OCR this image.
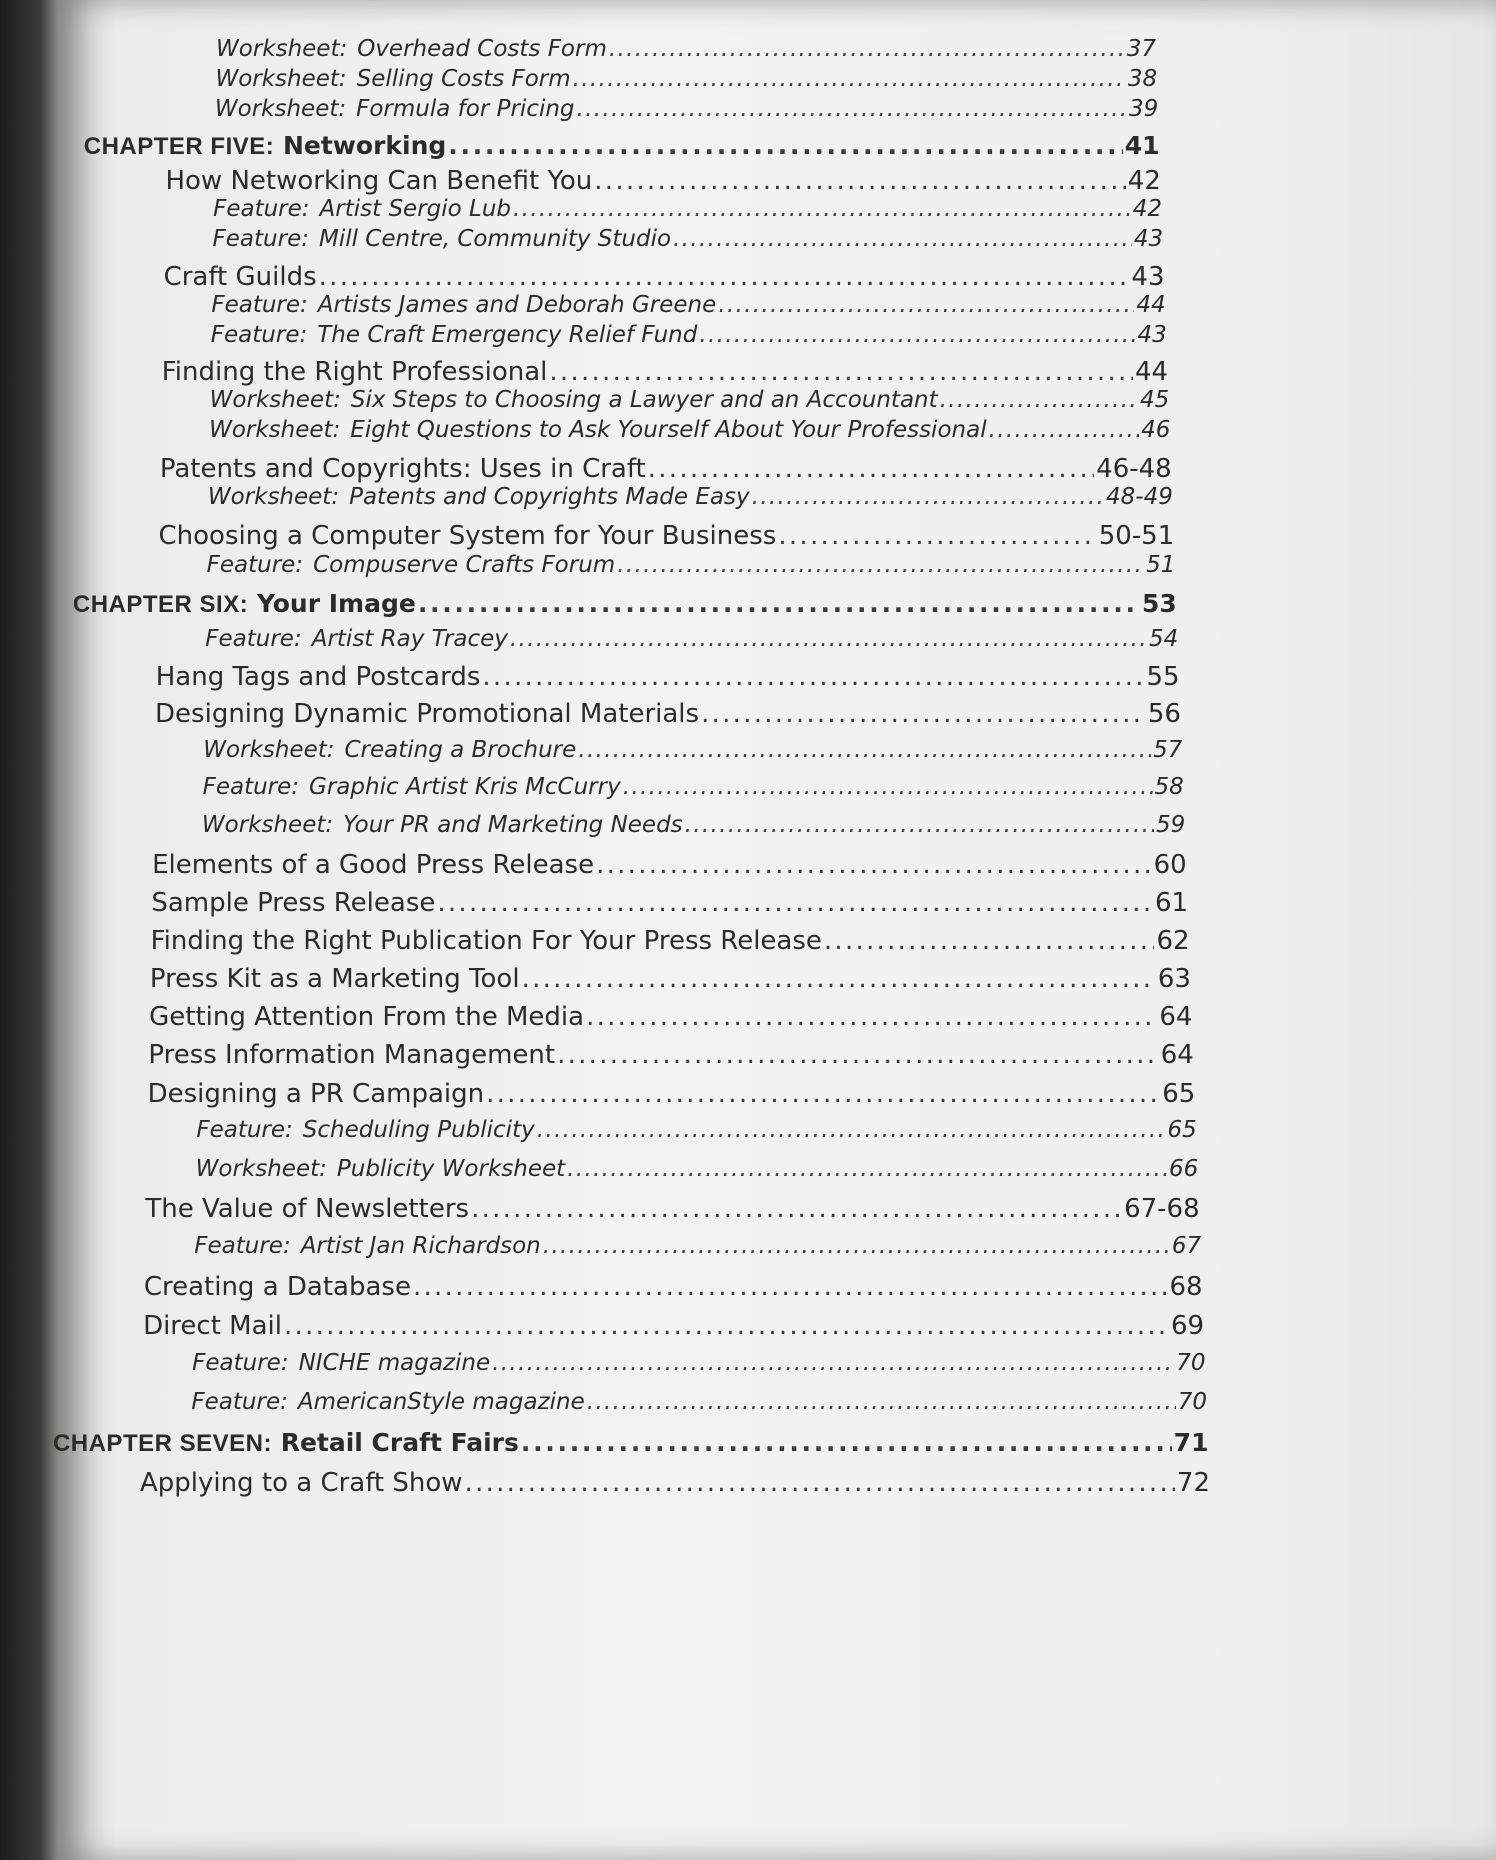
Worksheet: Overhead Costs Form . . .	37
Worksheet: Selling Costs Form . . .	38
Worksheet: Formula for Pricing . . .	39
CHAPTER FIVE: Networking . . .	41
How Networking Can Benefit You . . .	42
Feature: Artist Sergio Lub . . .	42
Feature: Mill Centre, Community Studio . . .	43
Craft Guilds . . .	43
Feature: Artists James and Deborah Greene . . .	44
Feature: The Craft Emergency Relief Fund . . .	43
Finding the Right Professional . . .	44
Worksheet: Six Steps to Choosing a Lawyer and an Accountant . . .	45
Worksheet: Eight Questions to Ask Yourself About Your Professional . . .	46
Patents and Copyrights: Uses in Craft . . .	46-48
Worksheet: Patents and Copyrights Made Easy . . .	48-49
Choosing a Computer System for Your Business . . .	50-51
Feature: Compuserve Crafts Forum . . .	51
CHAPTER SIX: Your Image . . .	53
Feature: Artist Ray Tracey . . .	54
Hang Tags and Postcards . . .	55
Designing Dynamic Promotional Materials . . .	56
Worksheet: Creating a Brochure . . .	57
Feature: Graphic Artist Kris McCurry . . .	58
Worksheet: Your PR and Marketing Needs . . .	59
Elements of a Good Press Release . . .	60
Sample Press Release . . .	61
Finding the Right Publication For Your Press Release . . .	62
Press Kit as a Marketing Tool . . .	63
Getting Attention From the Media . . .	64
Press Information Management . . .	64
Designing a PR Campaign . . .	65
Feature: Scheduling Publicity . . .	65
Worksheet: Publicity Worksheet . . .	66
The Value of Newsletters . . .	67-68
Feature: Artist Jan Richardson . . .	67
Creating a Database . . .	68
Direct Mail . . .	69
Feature: NICHE magazine . . .	70
Feature: AmericanStyle magazine . . .	70
CHAPTER SEVEN: Retail Craft Fairs . . .	71
Applying to a Craft Show . . .	72
